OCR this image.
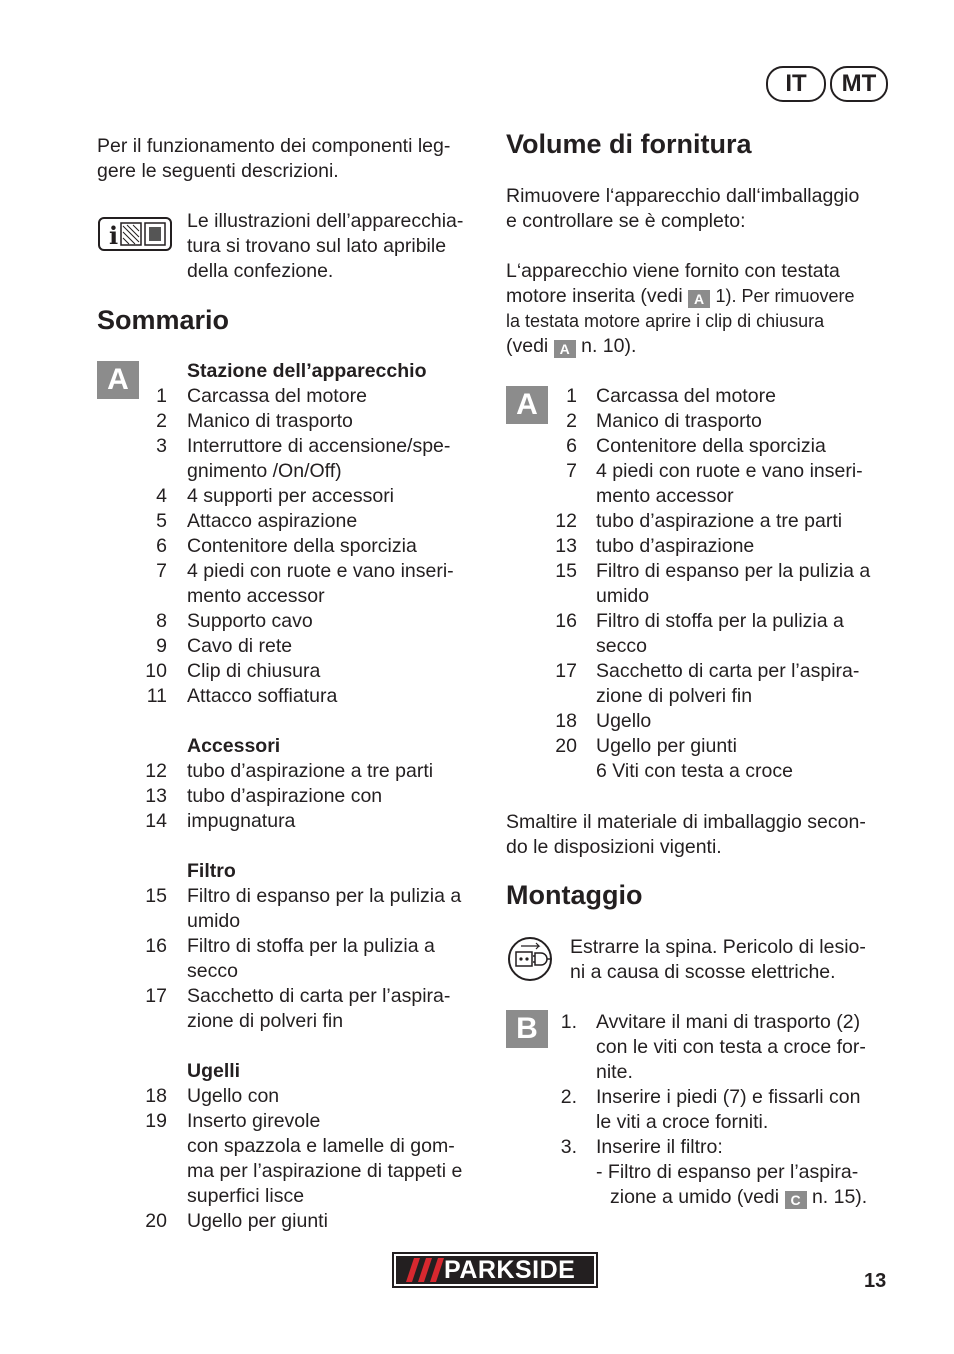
IT	MT

Per il funzionamento dei componenti leg-

gere le seguenti descrizioni.

i	Le illustrazioni dell’apparecchia-

tura si trovano sul lato apribile

della confezione.

Sommario
A	Stazione dell’apparecchio
1 Carcassa del motore
2 Manico di trasporto
3 Interruttore di accensione/spe-
gnimento /On/Off)
4 4 supporti per accessori
5 Attacco aspirazione
6 Contenitore della sporcizia
7 4 piedi con ruote e vano inseri-
mento accessor
8 Supporto cavo
9 Cavo di rete
10 Clip di chiusura
11 Attacco soffiatura
Accessori
12 tubo d’aspirazione a tre parti
13 tubo d’aspirazione con
14 impugnatura
Filtro
15 Filtro di espanso per la pulizia a
umido
16 Filtro di stoffa per la pulizia a
secco
17 Sacchetto di carta per l’aspira-
zione di polveri fin
Ugelli
18 Ugello con
19 Inserto girevole
con spazzola e lamelle di gom-
ma per l’aspirazione di tappeti e
superfici lisce
20 Ugello per giunti
Volume di fornitura

Rimuovere l‘apparecchio dall‘imballaggio

e controllare se è completo:

L‘apparecchio viene fornito con testata

motore inserita (vedi A 1). Per rimuovere

la testata motore aprire i clip di chiusura

(vedi A n. 10).

A	1 Carcassa del motore
2 Manico di trasporto
6 Contenitore della sporcizia
7 4 piedi con ruote e vano inseri-
mento accessor
12 tubo d’aspirazione a tre parti
13 tubo d’aspirazione
15 Filtro di espanso per la pulizia a
umido
16 Filtro di stoffa per la pulizia a
secco
17 Sacchetto di carta per l’aspira-
zione di polveri fin
18 Ugello
20 Ugello per giunti
6 Viti con testa a croce

Smaltire il materiale di imballaggio secon-

do le disposizioni vigenti.

Montaggio

Estrarre la spina. Pericolo di lesio-

ni a causa di scosse elettriche.

B	1. Avvitare il mani di trasporto (2)
con le viti con testa a croce for-
nite.
2. Inserire i piedi (7) e fissarli con
le viti a croce forniti.
3. Inserire il filtro:
- Filtro di espanso per l’aspira-
zione a umido (vedi C n. 15).
PARKSIDE	13
